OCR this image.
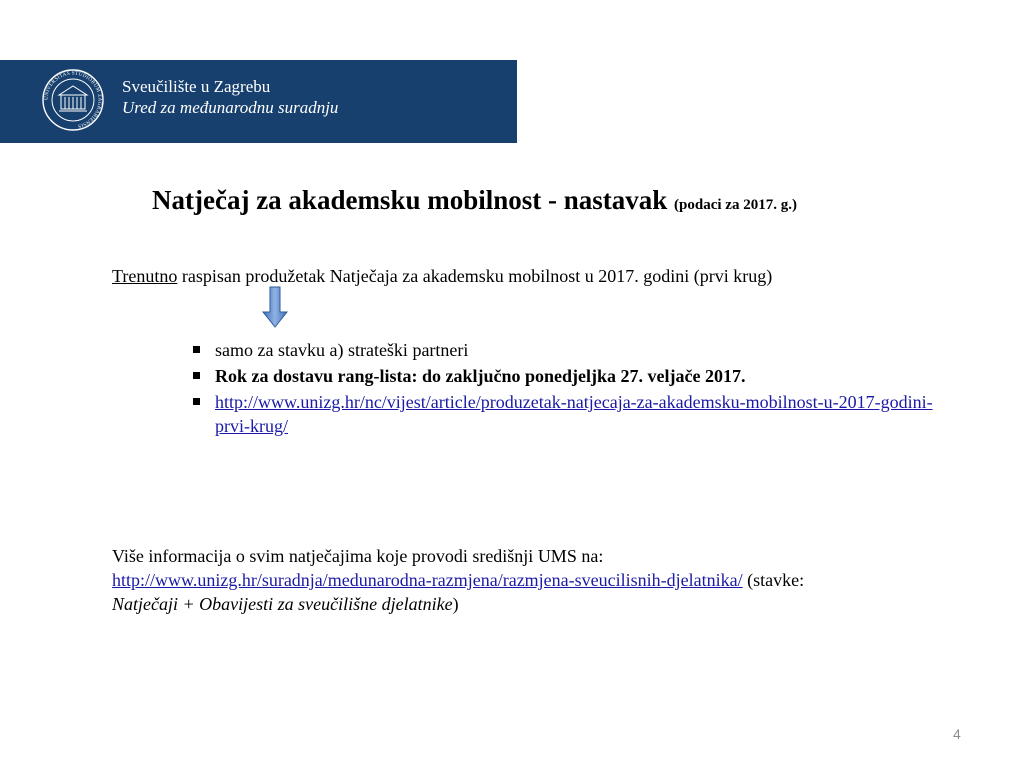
UNIVERSITAS STUDIORUM ZAGRABIENSIS
Sveučilište u Zagrebu
Ured za međunarodnu suradnju
Natječaj za akademsku mobilnost - nastavak (podaci za 2017. g.)
Trenutno raspisan produžetak Natječaja za akademsku mobilnost u 2017. godini (prvi krug)
samo za stavku a) strateški partneri
Rok za dostavu rang-lista: do zaključno ponedjeljka 27. veljače 2017.
http://www.unizg.hr/nc/vijest/article/produzetak-natjecaja-za-akademsku-mobilnost-u-2017-godini-prvi-krug/

Više informacija o svim natječajima koje provodi središnji UMS na:

http://www.unizg.hr/suradnja/medunarodna-razmjena/razmjena-sveucilisnih-djelatnika/ (stavke:

Natječaji + Obavijesti za sveučilišne djelatnike)

4
